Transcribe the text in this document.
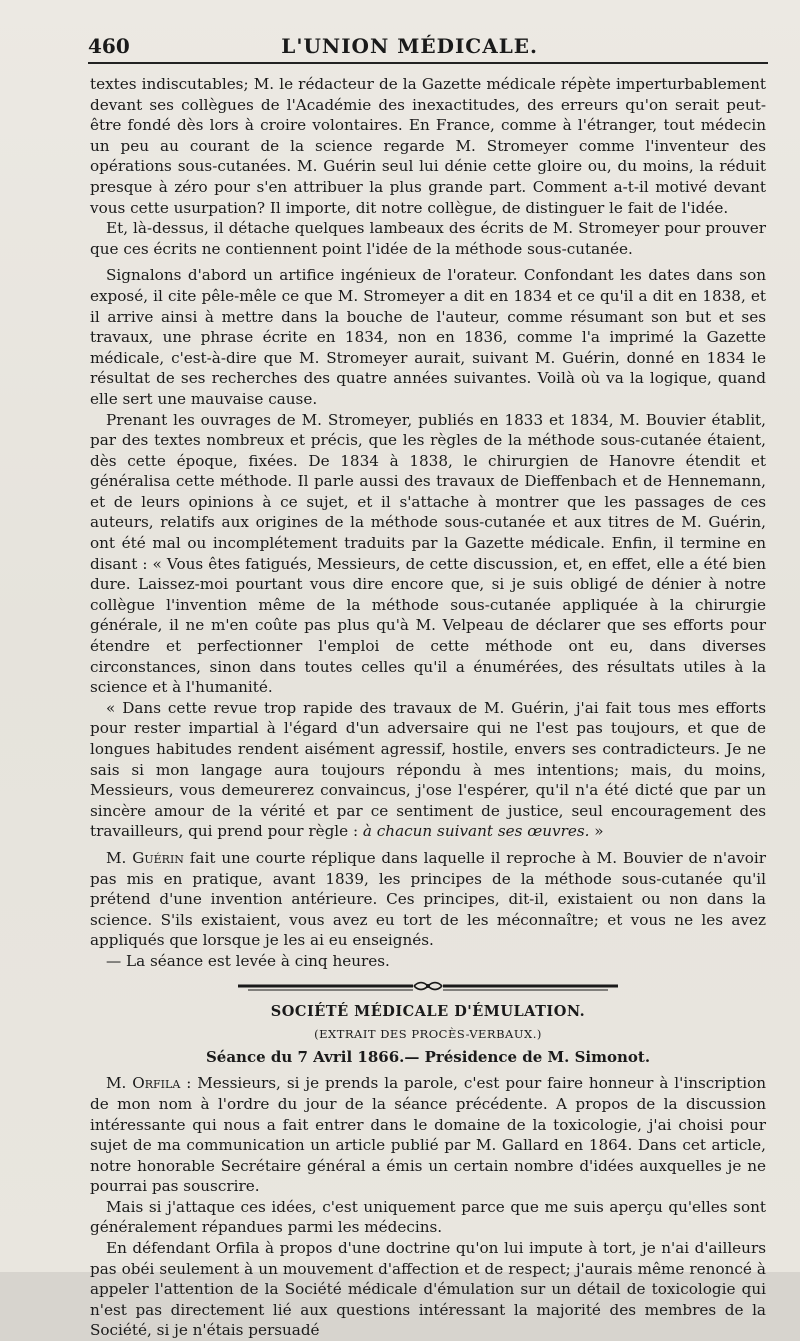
460	L'UNION MÉDICALE.

textes indiscutables; M. le rédacteur de la Gazette médicale répète imperturbablement devant ses collègues de l'Académie des inexactitudes, des erreurs qu'on serait peut-être fondé dès lors à croire volontaires. En France, comme à l'étranger, tout médecin un peu au courant de la science regarde M. Stromeyer comme l'inventeur des opérations sous-cutanées. M. Guérin seul lui dénie cette gloire ou, du moins, la réduit presque à zéro pour s'en attribuer la plus grande part. Comment a-t-il motivé devant vous cette usurpation? Il importe, dit notre collègue, de distinguer le fait de l'idée.

Et, là-dessus, il détache quelques lambeaux des écrits de M. Stromeyer pour prouver que ces écrits ne contiennent point l'idée de la méthode sous-cutanée.

Signalons d'abord un artifice ingénieux de l'orateur. Confondant les dates dans son exposé, il cite pêle-mêle ce que M. Stromeyer a dit en 1834 et ce qu'il a dit en 1838, et il arrive ainsi à mettre dans la bouche de l'auteur, comme résumant son but et ses travaux, une phrase écrite en 1834, non en 1836, comme l'a imprimé la Gazette médicale, c'est-à-dire que M. Stromeyer aurait, suivant M. Guérin, donné en 1834 le résultat de ses recherches des quatre années suivantes. Voilà où va la logique, quand elle sert une mauvaise cause.

Prenant les ouvrages de M. Stromeyer, publiés en 1833 et 1834, M. Bouvier établit, par des textes nombreux et précis, que les règles de la méthode sous-cutanée étaient, dès cette époque, fixées. De 1834 à 1838, le chirurgien de Hanovre étendit et généralisa cette méthode. Il parle aussi des travaux de Dieffenbach et de Hennemann, et de leurs opinions à ce sujet, et il s'attache à montrer que les passages de ces auteurs, relatifs aux origines de la méthode sous-cutanée et aux titres de M. Guérin, ont été mal ou incomplétement traduits par la Gazette médicale. Enfin, il termine en disant : « Vous êtes fatigués, Messieurs, de cette discussion, et, en effet, elle a été bien dure. Laissez-moi pourtant vous dire encore que, si je suis obligé de dénier à notre collègue l'invention même de la méthode sous-cutanée appliquée à la chirurgie générale, il ne m'en coûte pas plus qu'à M. Velpeau de déclarer que ses efforts pour étendre et perfectionner l'emploi de cette méthode ont eu, dans diverses circonstances, sinon dans toutes celles qu'il a énumérées, des résultats utiles à la science et à l'humanité.

« Dans cette revue trop rapide des travaux de M. Guérin, j'ai fait tous mes efforts pour rester impartial à l'égard d'un adversaire qui ne l'est pas toujours, et que de longues habitudes rendent aisément agressif, hostile, envers ses contradicteurs. Je ne sais si mon langage aura toujours répondu à mes intentions; mais, du moins, Messieurs, vous demeurerez convaincus, j'ose l'espérer, qu'il n'a été dicté que par un sincère amour de la vérité et par ce sentiment de justice, seul encouragement des travailleurs, qui prend pour règle : à chacun suivant ses œuvres. »

M. Guérin fait une courte réplique dans laquelle il reproche à M. Bouvier de n'avoir pas mis en pratique, avant 1839, les principes de la méthode sous-cutanée qu'il prétend d'une invention antérieure. Ces principes, dit-il, existaient ou non dans la science. S'ils existaient, vous avez eu tort de les méconnaître; et vous ne les avez appliqués que lorsque je les ai eu enseignés.

— La séance est levée à cinq heures.

SOCIÉTÉ MÉDICALE D'ÉMULATION.
(EXTRAIT DES PROCÈS-VERBAUX.)
Séance du 7 Avril 1866.— Présidence de M. Simonot.

M. Orfila : Messieurs, si je prends la parole, c'est pour faire honneur à l'inscription de mon nom à l'ordre du jour de la séance précédente. A propos de la discussion intéressante qui nous a fait entrer dans le domaine de la toxicologie, j'ai choisi pour sujet de ma communication un article publié par M. Gallard en 1864. Dans cet article, notre honorable Secrétaire général a émis un certain nombre d'idées auxquelles je ne pourrai pas souscrire.

Mais si j'attaque ces idées, c'est uniquement parce que me suis aperçu qu'elles sont généralement répandues parmi les médecins.

En défendant Orfila à propos d'une doctrine qu'on lui impute à tort, je n'ai d'ailleurs pas obéi seulement à un mouvement d'affection et de respect; j'aurais même renoncé à appeler l'attention de la Société médicale d'émulation sur un détail de toxicologie qui n'est pas directement lié aux questions intéressant la majorité des membres de la Société, si je n'étais persuadé
